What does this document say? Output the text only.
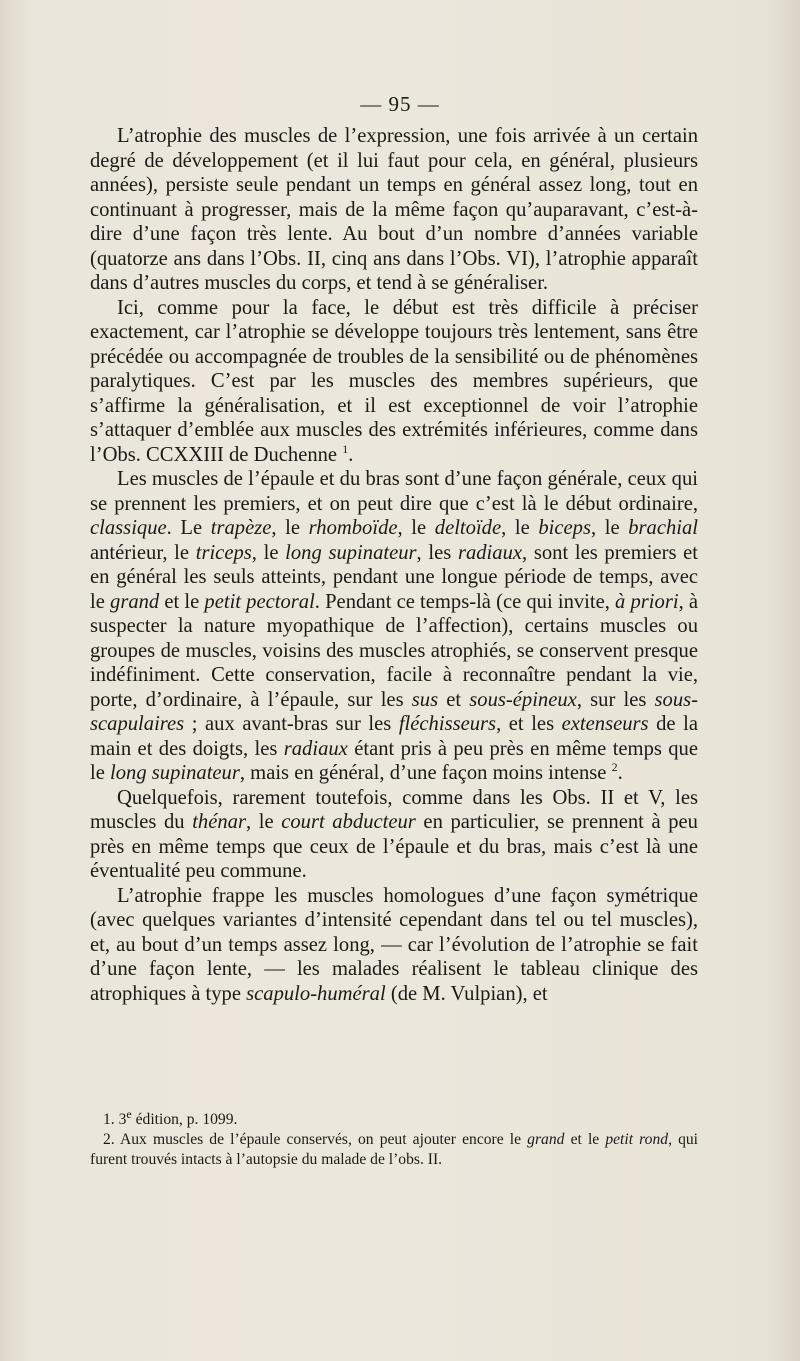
— 95 —

L’atrophie des muscles de l’expression, une fois arrivée à un certain degré de développement (et il lui faut pour cela, en général, plusieurs années), persiste seule pendant un temps en général assez long, tout en continuant à progresser, mais de la même façon qu’auparavant, c’est-à-dire d’une façon très lente. Au bout d’un nombre d’années variable (quatorze ans dans l’Obs. II, cinq ans dans l’Obs. VI), l’atrophie apparaît dans d’autres muscles du corps, et tend à se généraliser.

Ici, comme pour la face, le début est très difficile à préciser exactement, car l’atrophie se développe toujours très lentement, sans être précédée ou accompagnée de troubles de la sensibilité ou de phénomènes paralytiques. C’est par les muscles des membres supérieurs, que s’affirme la généralisation, et il est exceptionnel de voir l’atrophie s’attaquer d’emblée aux muscles des extrémités inférieures, comme dans l’Obs. CCXXIII de Duchenne $^1$.

Les muscles de l’épaule et du bras sont d’une façon générale, ceux qui se prennent les premiers, et on peut dire que c’est là le début ordinaire, classique. Le trapèze, le rhomboïde, le deltoïde, le biceps, le brachial antérieur, le triceps, le long supinateur, les radiaux, sont les premiers et en général les seuls atteints, pendant une longue période de temps, avec le grand et le petit pectoral. Pendant ce temps-là (ce qui invite, à priori, à suspecter la nature myopathique de l’affection), certains muscles ou groupes de muscles, voisins des muscles atrophiés, se conservent presque indéfiniment. Cette conservation, facile à reconnaître pendant la vie, porte, d’ordinaire, à l’épaule, sur les sus et sous-épineux, sur les sous-scapulaires ; aux avant-bras sur les fléchisseurs, et les extenseurs de la main et des doigts, les radiaux étant pris à peu près en même temps que le long supinateur, mais en général, d’une façon moins intense $^2$.

Quelquefois, rarement toutefois, comme dans les Obs. II et V, les muscles du thénar, le court abducteur en particulier, se prennent à peu près en même temps que ceux de l’épaule et du bras, mais c’est là une éventualité peu commune.

L’atrophie frappe les muscles homologues d’une façon symétrique (avec quelques variantes d’intensité cependant dans tel ou tel muscles), et, au bout d’un temps assez long, — car l’évolution de l’atrophie se fait d’une façon lente, — les malades réalisent le tableau clinique des atrophiques à type scapulo-huméral (de M. Vulpian), et

1. 3e édition, p. 1099.

2. Aux muscles de l’épaule conservés, on peut ajouter encore le grand et le petit rond, qui furent trouvés intacts à l’autopsie du malade de l’obs. II.
